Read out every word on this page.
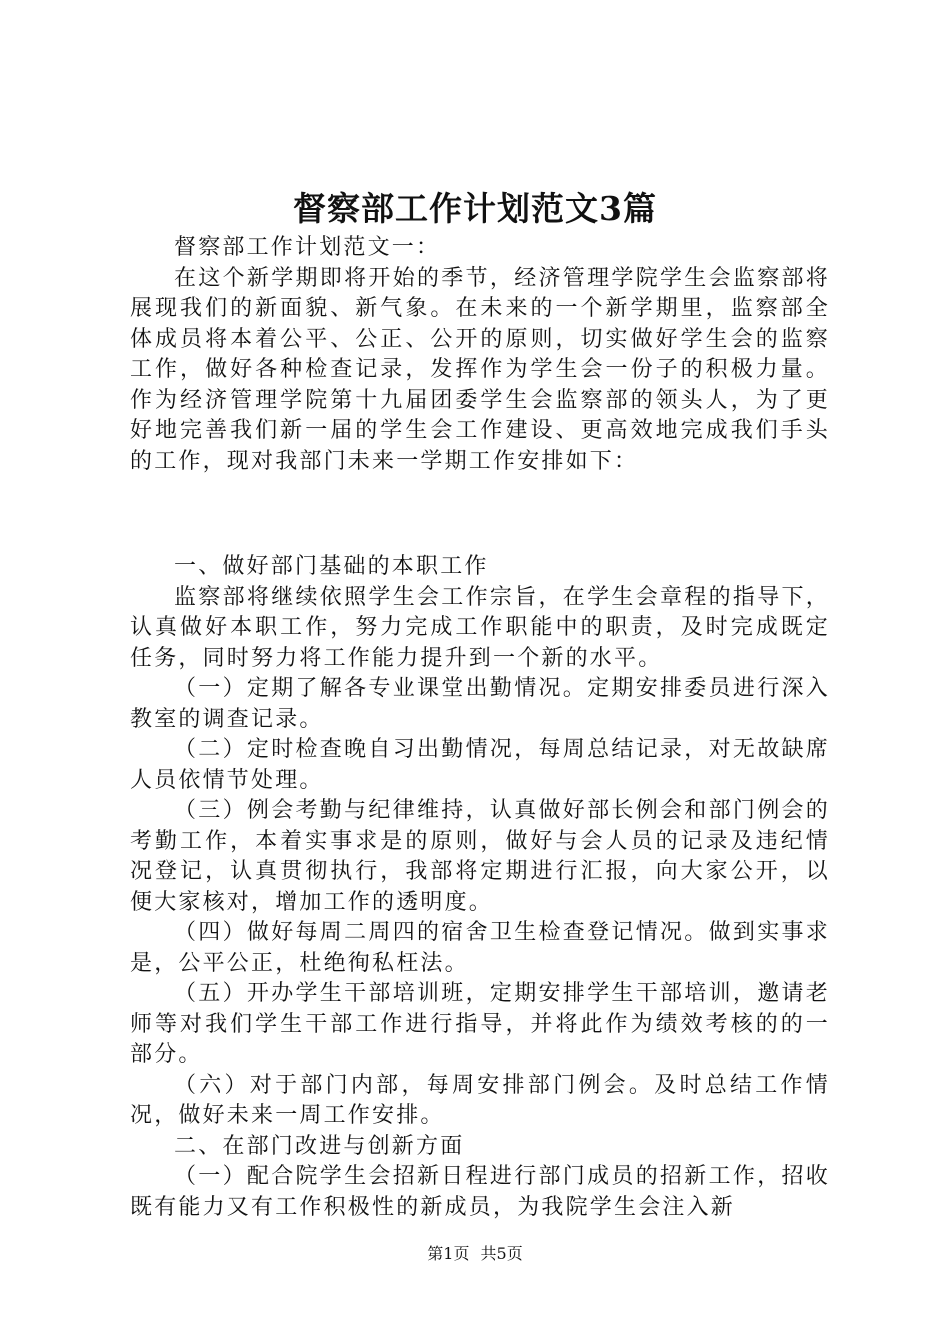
督察部工作计划范文3篇

督察部工作计划范文一：

在这个新学期即将开始的季节，经济管理学院学生会监察部将展现我们的新面貌、新气象。在未来的一个新学期里，监察部全体成员将本着公平、公正、公开的原则，切实做好学生会的监察工作，做好各种检查记录，发挥作为学生会一份子的积极力量。作为经济管理学院第十九届团委学生会监察部的领头人，为了更好地完善我们新一届的学生会工作建设、更高效地完成我们手头的工作，现对我部门未来一学期工作安排如下：

一、做好部门基础的本职工作

监察部将继续依照学生会工作宗旨，在学生会章程的指导下，认真做好本职工作，努力完成工作职能中的职责，及时完成既定任务，同时努力将工作能力提升到一个新的水平。

（一）定期了解各专业课堂出勤情况。定期安排委员进行深入教室的调查记录。

（二）定时检查晚自习出勤情况，每周总结记录，对无故缺席人员依情节处理。

（三）例会考勤与纪律维持，认真做好部长例会和部门例会的考勤工作，本着实事求是的原则，做好与会人员的记录及违纪情况登记，认真贯彻执行，我部将定期进行汇报，向大家公开，以便大家核对，增加工作的透明度。

（四）做好每周二周四的宿舍卫生检查登记情况。做到实事求是，公平公正，杜绝徇私枉法。

（五）开办学生干部培训班，定期安排学生干部培训，邀请老师等对我们学生干部工作进行指导，并将此作为绩效考核的的一部分。

（六）对于部门内部，每周安排部门例会。及时总结工作情况，做好未来一周工作安排。

二、在部门改进与创新方面

（一）配合院学生会招新日程进行部门成员的招新工作，招收既有能力又有工作积极性的新成员，为我院学生会注入新

第1页 共5页
